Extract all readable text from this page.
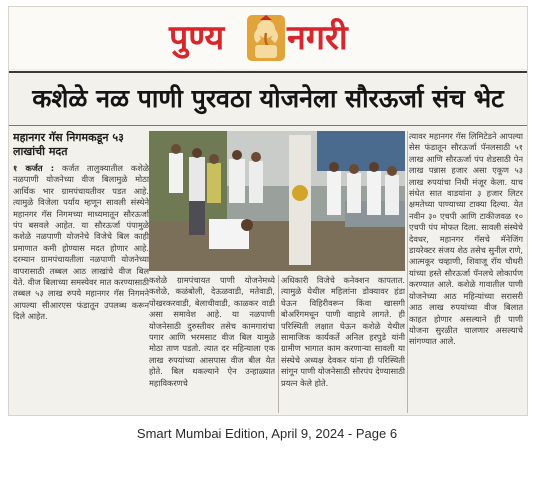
पुण्य नगरी
कशेळे नळ पाणी पुरवठा योजनेला सौरऊर्जा संच भेट
महानगर गॅस निगमकडून ५३ लाखांची मदत
१ कर्जत : कर्जत तालुक्यातील कशेळे नळपाणी योजनेच्या वीज बिलामुळे मोठा आर्थिक भार ग्रामपंचायतीवर पडत आहे. त्यामुळे विजेला पर्याय म्हणून सावली संस्थेने महानगर गॅस निगमच्या माध्यमातून सौरऊर्जा पंप बसवले आहेत. या सौरऊर्जा पंपामुळे कशेळे नळपाणी योजनेचे विजेचे बिल काही प्रमाणात कमी होण्यास मदत होणार आहे. दरम्यान ग्रामपंचायतीला नळपाणी योजनेच्या वापरासाठी तब्बल आठ लाखांचे वीज बिल येते. वीज बिलाच्या समस्येवर मात करण्यासाठी तब्बल ५३ लाख रुपये महानगर गॅस निगमने आपल्या सीआरएस फंडातून उपलब्ध करून दिले आहेत.
कशेळे ग्रामपंचायत पाणी योजनेमध्ये कशेळे, कळंबोली, देऊळवाडी, मतेवाडी, पोखरकरवाडी, बेलाचीवाडी, काळकर वाडी असा समावेश आहे. या नळपाणी योजनेसाठी दुरुस्तीवर तसेच कामगारांचा पगार आणि भरमसाट वीज बिल यामुळे मोठा ताण पडतो. त्यात दर महिन्याला एक लाख रुपयांच्या आसपास वीज बील येत होते. बिल थकल्याने ऐन उन्हाळ्यात महाविकरणचे
अधिकारी विजेचे कनेक्शन कापतात. त्यामुळे येथील महिलांना डोक्यावर हंडा घेऊन विहिरीवरून किंवा खासगी बोअरिंगमधून पाणी वाहावे लागते. ही परिस्थिती लक्षात घेऊन कशेळे येथील सामाजिक कार्यकर्ते अनिल हरपुडे यांनी ग्रामीण भागात काम करणाऱ्या सावली या संस्थेचे अध्यक्ष देवकर यांना ही परिस्थिती सांगून पाणी योजनेसाठी सौरपंप देण्यासाठी प्रयत्न केले होते.
त्यावर महानगर गॅस लिमिटेडने आपल्या सेस फंडातून सौरऊर्जा पॅनलसाठी ५१ लाख आणि सौरऊर्जा पंप शेडसाठी पेन लाख पन्नास हजार असा एकूण ५३ लाख रुपयांचा निधी मंजूर केला. याच संधेत सात वाडयांना ३ हजार लिटर क्षमतेच्या पाण्याच्या टाक्या दिल्या. येत नवीन ३० एचपी आणि टाकीजवळ १० एचपी पंप मोफत दिला. सावली संस्थेचे देवधर, महानगर गॅसचे मॅनेजिंग डायरेक्टर संजय शेठ तसेच सुनील राणे, आत्मकूर चव्हाणी, शिवाजू रॉय चौधरी यांच्या हस्ते सौरऊर्जा पॅनलचे लोकार्पण करण्यात आले. कशेळे गावातील पाणी योजनेच्या आठ महिन्यांच्या सरासरी आठ लाख रुपयांच्या वीज बिलात काहत होणार असल्याने ही पाणी योजना सुरळीत चालणार असल्याचे सांगण्यात आले.
Smart Mumbai Edition, April 9, 2024 - Page 6
